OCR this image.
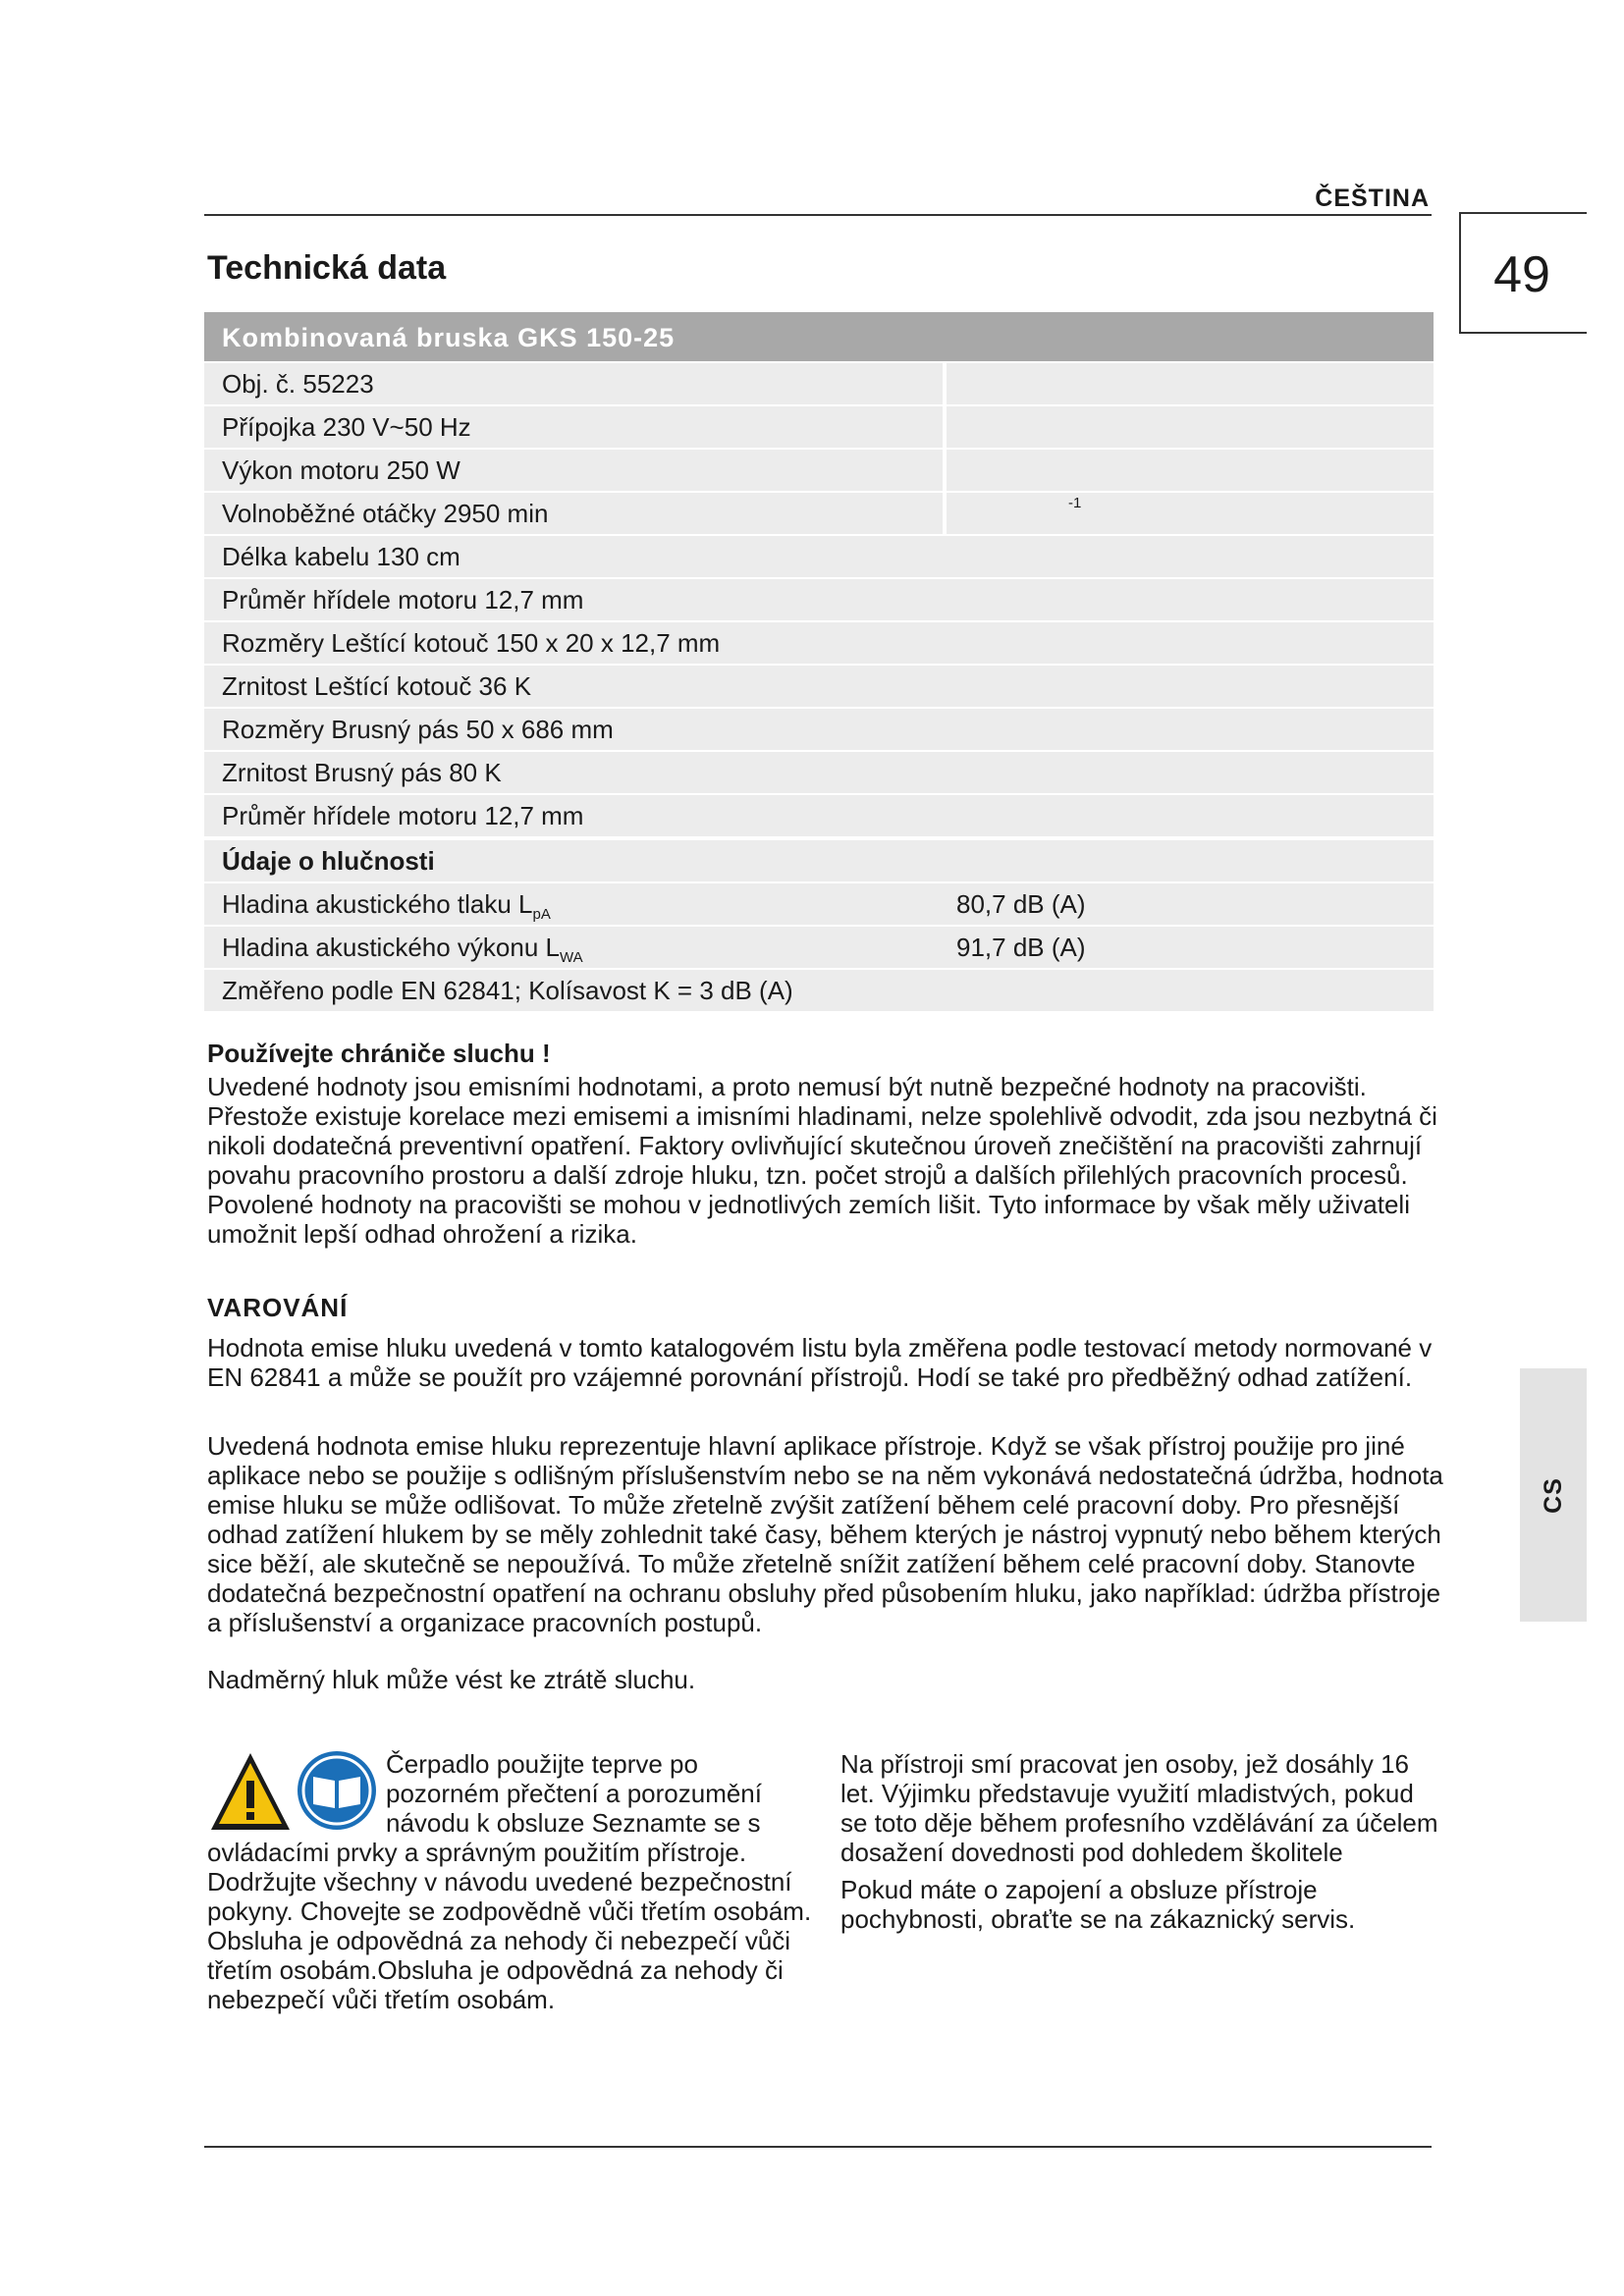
ČEŠTINA
49
Technická data
Kombinovaná bruska GKS 150-25
Obj. č. 55223
Přípojka 230 V~50 Hz
Výkon motoru 250 W
Volnoběžné otáčky 2950 min	-1
Délka kabelu 130 cm
Průměr hřídele motoru 12,7 mm
Rozměry Leštící kotouč 150 x 20 x 12,7 mm
Zrnitost Leštící kotouč 36 K
Rozměry Brusný pás 50 x 686 mm
Zrnitost Brusný pás 80 K
Průměr hřídele motoru 12,7 mm
Údaje o hlučnosti
Hladina akustického tlaku $L_{pA}$	80,7 dB (A)
Hladina akustického výkonu $L_{WA}$	91,7 dB (A)
Změřeno podle EN 62841; Kolísavost K = 3 dB (A)
Používejte chrániče sluchu !
Uvedené hodnoty jsou emisními hodnotami, a proto nemusí být nutně bezpečné hodnoty na pracovišti. Přestože existuje korelace mezi emisemi a imisními hladinami, nelze spolehlivě odvodit, zda jsou nezbytná či nikoli dodatečná preventivní opatření. Faktory ovlivňující skutečnou úroveň znečištění na pracovišti zahrnují povahu pracovního prostoru a další zdroje hluku, tzn. počet strojů a dalších přilehlých pracovních procesů. Povolené hodnoty na pracovišti se mohou v jednotlivých zemích lišit. Tyto informace by však měly uživateli umožnit lepší odhad ohrožení a rizika.
VAROVÁNÍ
Hodnota emise hluku uvedená v tomto katalogovém listu byla změřena podle testovací metody normované v EN 62841 a může se použít pro vzájemné porovnání přístrojů. Hodí se také pro předběžný odhad zatížení.
Uvedená hodnota emise hluku reprezentuje hlavní aplikace přístroje. Když se však přístroj použije pro jiné aplikace nebo se použije s odlišným příslušenstvím nebo se na něm vykonává nedostatečná údržba, hodnota emise hluku se může odlišovat. To může zřetelně zvýšit zatížení během celé pracovní doby. Pro přesnější odhad zatížení hlukem by se měly zohlednit také časy, během kterých je nástroj vypnutý nebo během kterých sice běží, ale skutečně se nepoužívá. To může zřetelně snížit zatížení během celé pracovní doby. Stanovte dodatečná bezpečnostní opatření na ochranu obsluhy před působením hluku, jako například: údržba přístroje a příslušenství a organizace pracovních postupů.
Nadměrný hluk může vést ke ztrátě sluchu.
Čerpadlo použijte teprve po pozorném přečtení a porozumění návodu k obsluze Seznamte se s
ovládacími prvky a správným použitím přístroje. Dodržujte všechny v návodu uvedené bezpečnostní pokyny. Chovejte se zodpovědně vůči třetím osobám. Obsluha je odpovědná za nehody či nebezpečí vůči třetím osobám.Obsluha je odpovědná za nehody či nebezpečí vůči třetím osobám.
Na přístroji smí pracovat jen osoby, jež dosáhly 16 let. Výjimku představuje využití mladistvých, pokud se toto děje během profesního vzdělávání za účelem dosažení dovednosti pod dohledem školitele
Pokud máte o zapojení a obsluze přístroje pochybnosti, obraťte se na zákaznický servis.
CS
